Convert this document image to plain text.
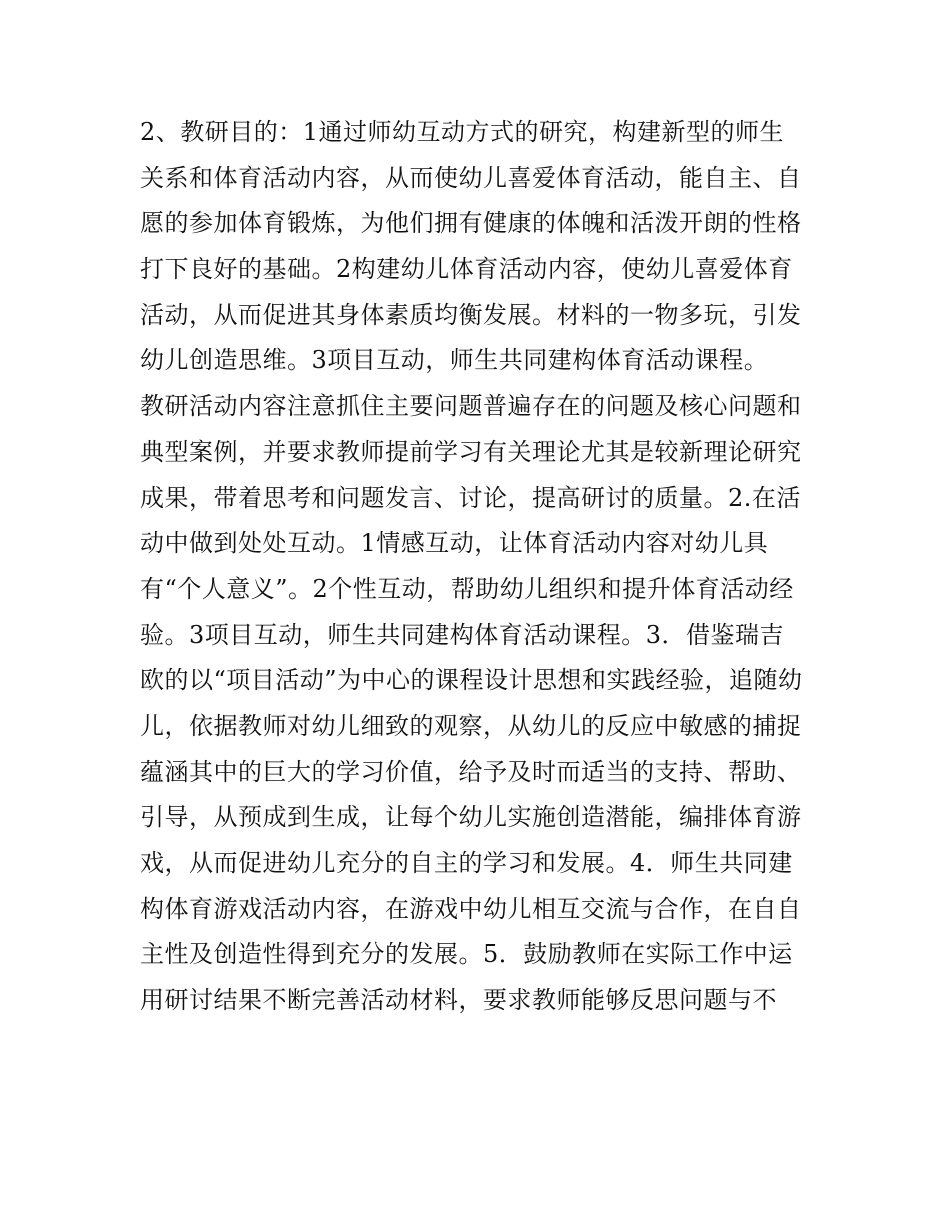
2、教研目的：1通过师幼互动方式的研究，构建新型的师生
关系和体育活动内容，从而使幼儿喜爱体育活动，能自主、自
愿的参加体育锻炼，为他们拥有健康的体魄和活泼开朗的性格
打下良好的基础。2构建幼儿体育活动内容，使幼儿喜爱体育
活动，从而促进其身体素质均衡发展。材料的一物多玩，引发
幼儿创造思维。3项目互动，师生共同建构体育活动课程。
教研活动内容注意抓住主要问题普遍存在的问题及核心问题和
典型案例，并要求教师提前学习有关理论尤其是较新理论研究
成果，带着思考和问题发言、讨论，提高研讨的质量。2.在活
动中做到处处互动。1情感互动，让体育活动内容对幼儿具
有“个人意义”。2个性互动，帮助幼儿组织和提升体育活动经
验。3项目互动，师生共同建构体育活动课程。3．借鉴瑞吉
欧的以“项目活动”为中心的课程设计思想和实践经验，追随幼
儿，依据教师对幼儿细致的观察，从幼儿的反应中敏感的捕捉
蕴涵其中的巨大的学习价值，给予及时而适当的支持、帮助、
引导，从预成到生成，让每个幼儿实施创造潜能，编排体育游
戏，从而促进幼儿充分的自主的学习和发展。4．师生共同建
构体育游戏活动内容，在游戏中幼儿相互交流与合作，在自自
主性及创造性得到充分的发展。5．鼓励教师在实际工作中运
用研讨结果不断完善活动材料，要求教师能够反思问题与不
